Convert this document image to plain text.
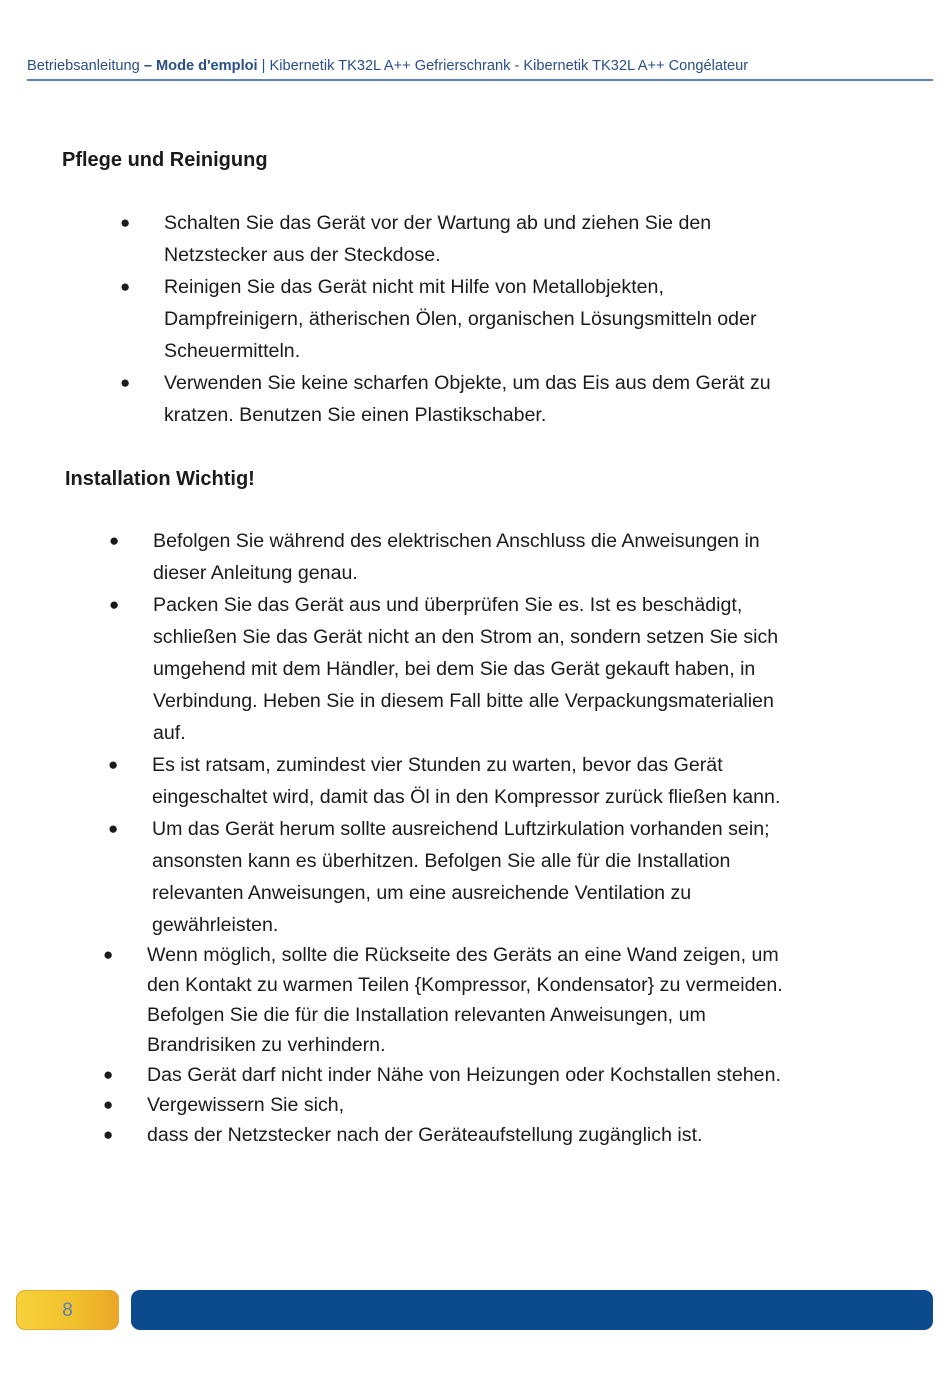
Betriebsanleitung – Mode d'emploi | Kibernetik TK32L A++ Gefrierschrank - Kibernetik TK32L A++ Congélateur
Pflege und Reinigung
● Schalten Sie das Gerät vor der Wartung ab und ziehen Sie den
Netzstecker aus der Steckdose.
● Reinigen Sie das Gerät nicht mit Hilfe von Metallobjekten,
Dampfreinigern, ätherischen Ölen, organischen Lösungsmitteln oder
Scheuermitteln.
● Verwenden Sie keine scharfen Objekte, um das Eis aus dem Gerät zu
kratzen. Benutzen Sie einen Plastikschaber.
Installation Wichtig!
● Befolgen Sie während des elektrischen Anschluss die Anweisungen in
dieser Anleitung genau.
● Packen Sie das Gerät aus und überprüfen Sie es. Ist es beschädigt,
schließen Sie das Gerät nicht an den Strom an, sondern setzen Sie sich
umgehend mit dem Händler, bei dem Sie das Gerät gekauft haben, in
Verbindung. Heben Sie in diesem Fall bitte alle Verpackungsmaterialien
auf.
● Es ist ratsam, zumindest vier Stunden zu warten, bevor das Gerät
eingeschaltet wird, damit das Öl in den Kompressor zurück fließen kann.
● Um das Gerät herum sollte ausreichend Luftzirkulation vorhanden sein;
ansonsten kann es überhitzen. Befolgen Sie alle für die Installation
relevanten Anweisungen, um eine ausreichende Ventilation zu
gewährleisten.
● Wenn möglich, sollte die Rückseite des Geräts an eine Wand zeigen, um
den Kontakt zu warmen Teilen {Kompressor, Kondensator} zu vermeiden.
Befolgen Sie die für die Installation relevanten Anweisungen, um
Brandrisiken zu verhindern.
● Das Gerät darf nicht inder Nähe von Heizungen oder Kochstallen stehen.
● Vergewissern Sie sich,
● dass der Netzstecker nach der Geräteaufstellung zugänglich ist.
8
